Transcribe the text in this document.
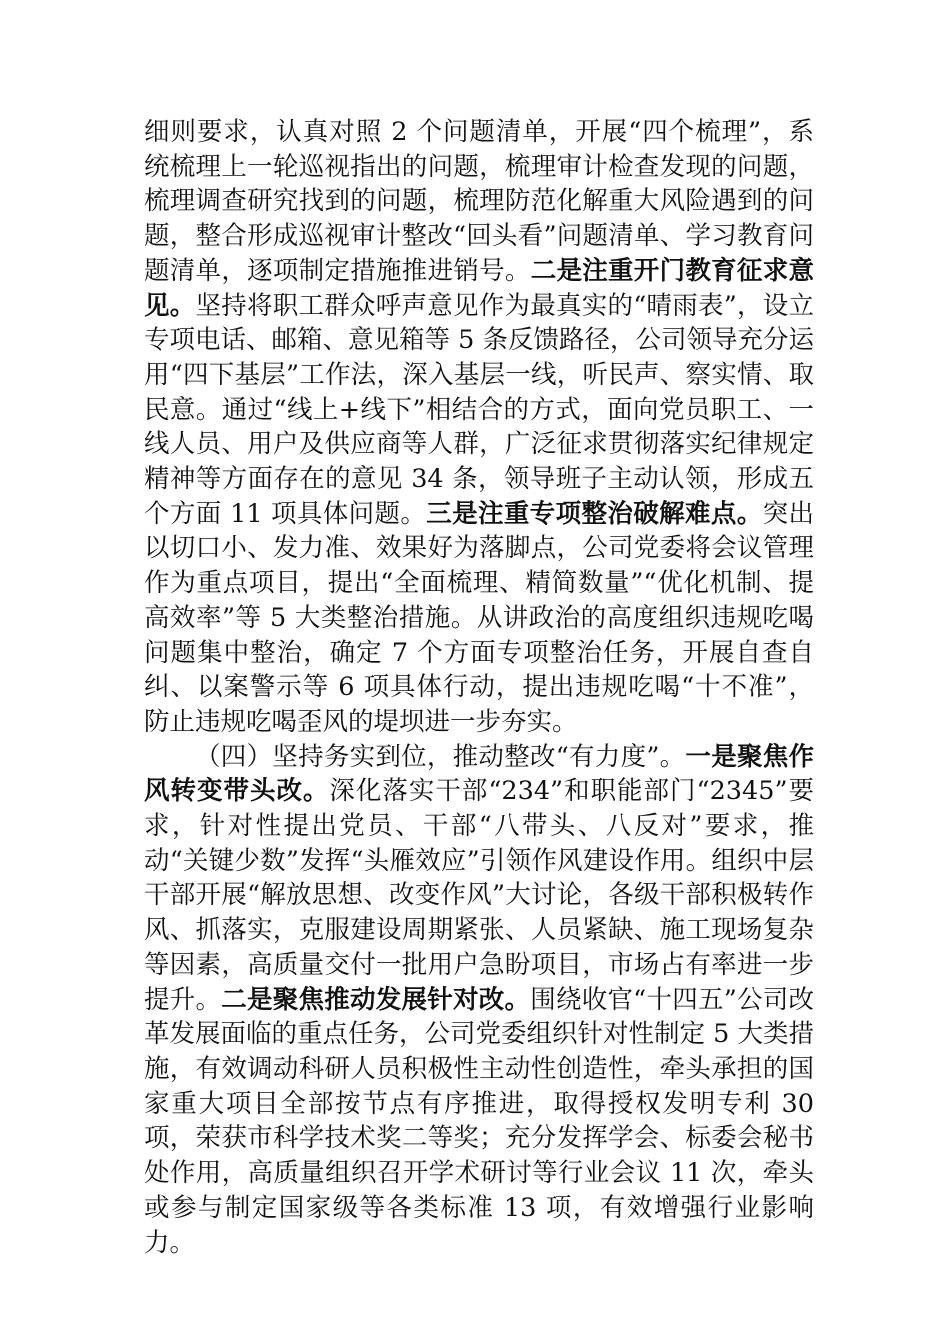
细则要求，认真对照 2 个问题清单，开展“四个梳理”，系统梳理上一轮巡视指出的问题，梳理审计检查发现的问题，梳理调查研究找到的问题，梳理防范化解重大风险遇到的问题，整合形成巡视审计整改“回头看”问题清单、学习教育问题清单，逐项制定措施推进销号。二是注重开门教育征求意见。坚持将职工群众呼声意见作为最真实的“晴雨表”，设立专项电话、邮箱、意见箱等 5 条反馈路径，公司领导充分运用“四下基层”工作法，深入基层一线，听民声、察实情、取民意。通过“线上+线下”相结合的方式，面向党员职工、一线人员、用户及供应商等人群，广泛征求贯彻落实纪律规定精神等方面存在的意见 34 条，领导班子主动认领，形成五个方面 11 项具体问题。三是注重专项整治破解难点。突出以切口小、发力准、效果好为落脚点，公司党委将会议管理作为重点项目，提出“全面梳理、精简数量”“优化机制、提高效率”等 5 大类整治措施。从讲政治的高度组织违规吃喝问题集中整治，确定 7 个方面专项整治任务，开展自查自纠、以案警示等 6 项具体行动，提出违规吃喝“十不准”，防止违规吃喝歪风的堤坝进一步夯实。

（四）坚持务实到位，推动整改“有力度”。一是聚焦作风转变带头改。深化落实干部“234”和职能部门“2345”要求，针对性提出党员、干部“八带头、八反对”要求，推动“关键少数”发挥“头雁效应”引领作风建设作用。组织中层干部开展“解放思想、改变作风”大讨论，各级干部积极转作风、抓落实，克服建设周期紧张、人员紧缺、施工现场复杂等因素，高质量交付一批用户急盼项目，市场占有率进一步提升。二是聚焦推动发展针对改。围绕收官“十四五”公司改革发展面临的重点任务，公司党委组织针对性制定 5 大类措施，有效调动科研人员积极性主动性创造性，牵头承担的国家重大项目全部按节点有序推进，取得授权发明专利 30 项，荣获市科学技术奖二等奖；充分发挥学会、标委会秘书处作用，高质量组织召开学术研讨等行业会议 11 次，牵头或参与制定国家级等各类标准 13 项，有效增强行业影响力。
